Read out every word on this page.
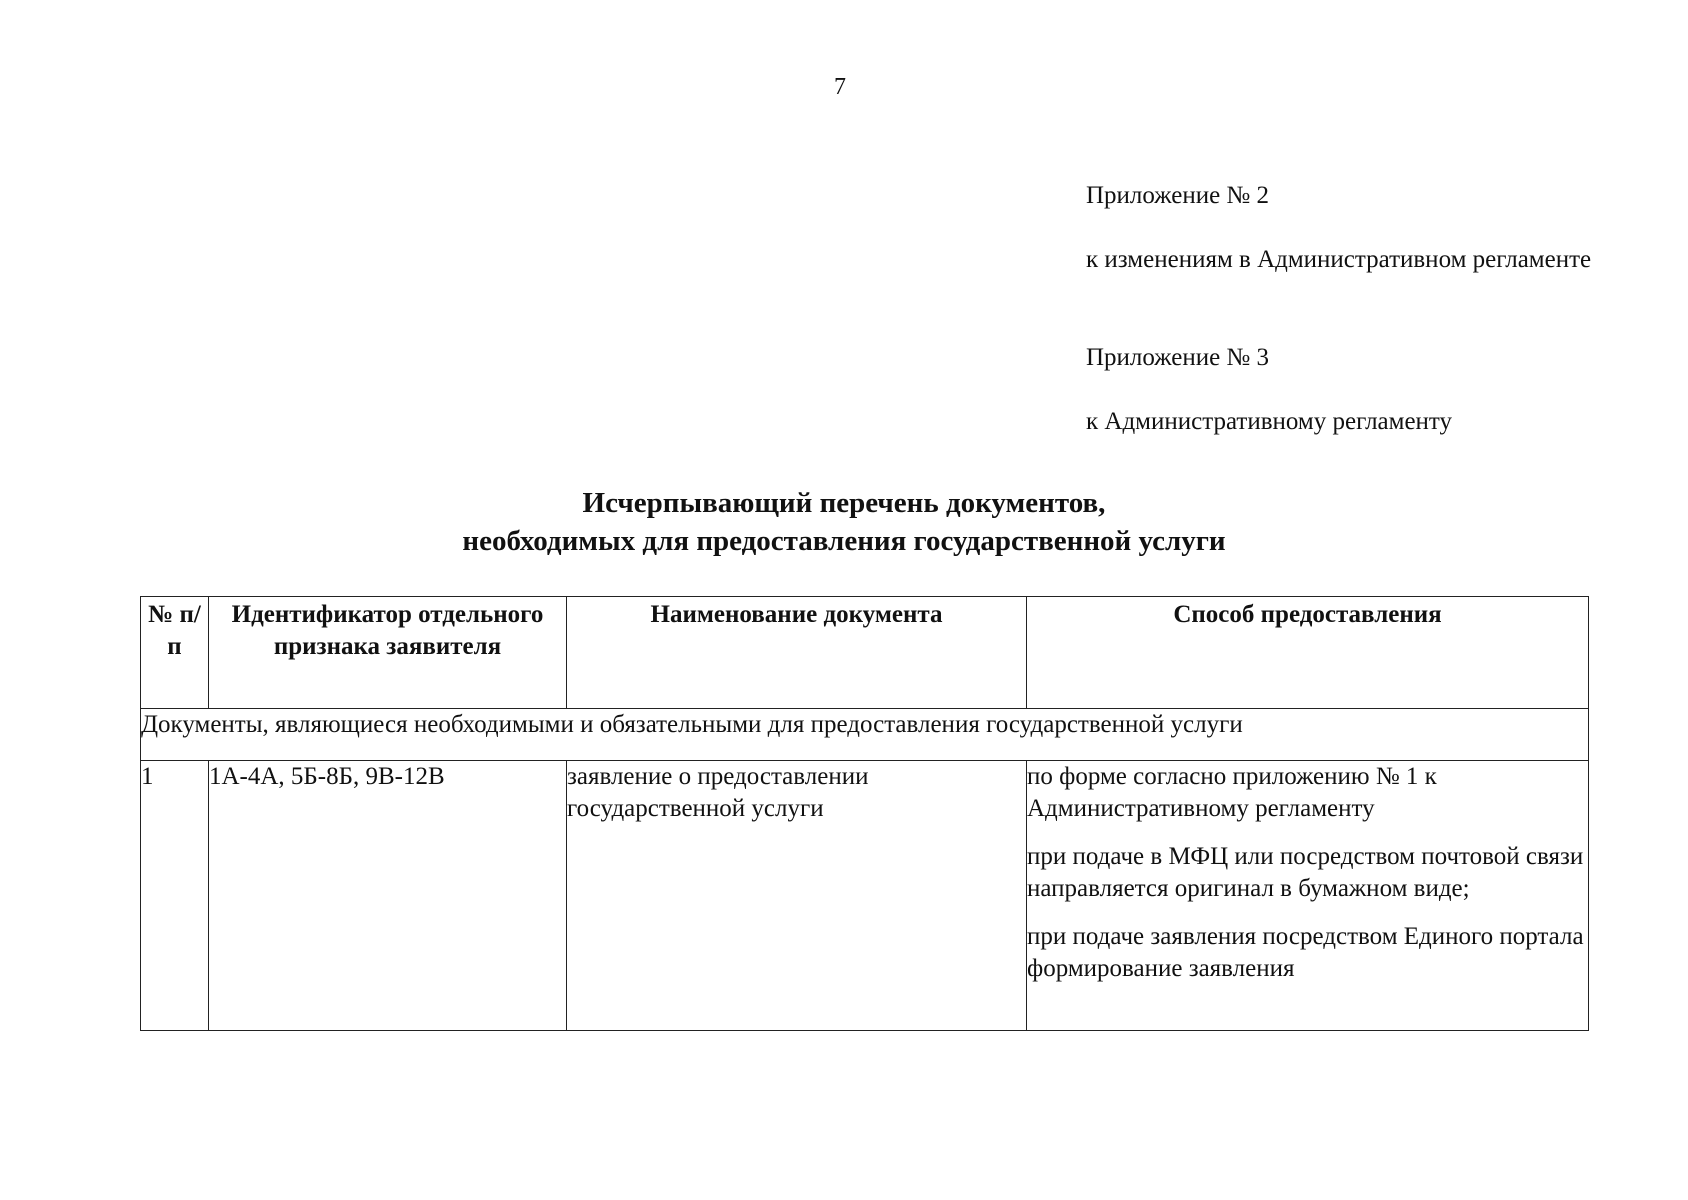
7

Приложение № 2

к изменениям в Административном регламенте

Приложение № 3

к Административному регламенту

Исчерпывающий перечень документов,
необходимых для предоставления государственной услуги
№ п/п	Идентификатор отдельного признака заявителя	Наименование документа	Способ предоставления
Документы, являющиеся необходимыми и обязательными для предоставления государственной услуги			
1	1А-4А, 5Б-8Б, 9В-12В	заявление о предоставлении государственной услуги	по форме согласно приложению № 1 к Административному регламенту

при подаче в МФЦ или посредством почтовой связи направляется оригинал в бумажном виде;

при подаче заявления посредством Единого портала формирование заявления
